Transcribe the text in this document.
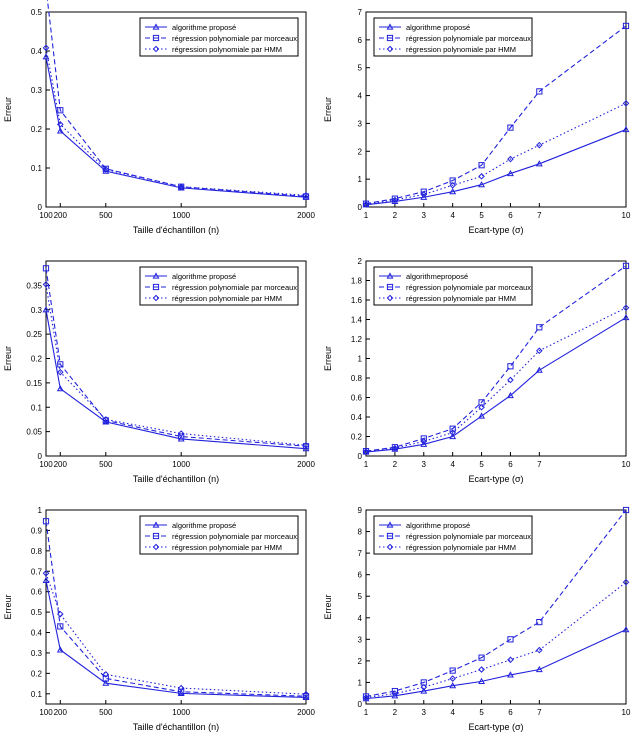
100 200	500	1000	2000
0
0.1
0.2
0.3
0.4
0.5
Taille d'échantillon (n)
Erreur
algorithme proposé
régression polynomiale par morceaux
régression polynomiale par HMM
1	2	3	4	5	6	7	10
0
1
2
3
4
5
6
7
Ecart-type (σ)
Erreur
algorithme proposé
régression polynomiale par morceaux
régression polynomiale par HMM
100 200	500	1000	2000
0
0.05
0.1
0.15
0.2
0.25
0.3
0.35
Taille d'échantillon (n)
Erreur
algorithme proposé
régression polynomiale par morceaux
régression polynomiale par HMM
1	2	3	4	5	6	7	10
0
0.2
0.4
0.6
0.8
1
1.2
1.4
1.6
1.8
2
Ecart-type (σ)
Erreur
algorithmeproposé
régression polynomiale par morceaux
régression polynomiale par HMM
100 200	500	1000	2000
0.1
0.2
0.3
0.4
0.5
0.6
0.7
0.8
0.9
1
Taille d'échantillon (n)
Erreur
algorithme proposé
régression polynomiale par morceaux
régression polynomiale par HMM
1	2	3	4	5	6	7	10
0
1
2
3
4
5
6
7
8
9
Ecart-type (σ)
Erreur
algorithme proposé
régression polynomiale par morceaux
régression polynomiale par HMM
